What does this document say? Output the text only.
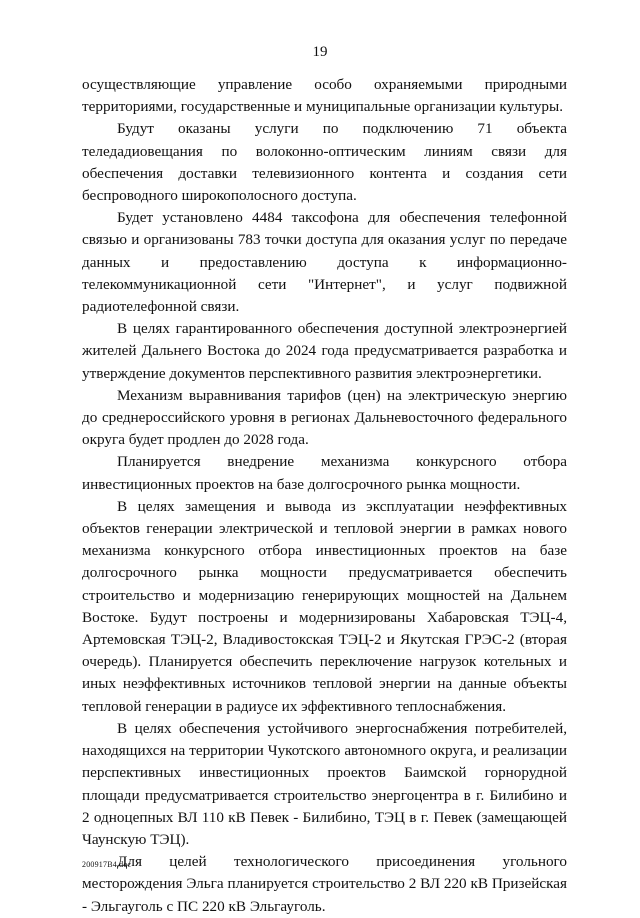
19

осуществляющие управление особо охраняемыми природными территориями, государственные и муниципальные организации культуры.

Будут оказаны услуги по подключению 71 объекта теледадиовещания по волоконно-оптическим линиям связи для обеспечения доставки телевизионного контента и создания сети беспроводного широкополосного доступа.

Будет установлено 4484 таксофона для обеспечения телефонной связью и организованы 783 точки доступа для оказания услуг по передаче данных и предоставлению доступа к информационно-телекоммуникационной сети "Интернет", и услуг подвижной радиотелефонной связи.

В целях гарантированного обеспечения доступной электроэнергией жителей Дальнего Востока до 2024 года предусматривается разработка и утверждение документов перспективного развития электроэнергетики.

Механизм выравнивания тарифов (цен) на электрическую энергию до среднероссийского уровня в регионах Дальневосточного федерального округа будет продлен до 2028 года.

Планируется внедрение механизма конкурсного отбора инвестиционных проектов на базе долгосрочного рынка мощности.

В целях замещения и вывода из эксплуатации неэффективных объектов генерации электрической и тепловой энергии в рамках нового механизма конкурсного отбора инвестиционных проектов на базе долгосрочного рынка мощности предусматривается обеспечить строительство и модернизацию генерирующих мощностей на Дальнем Востоке. Будут построены и модернизированы Хабаровская ТЭЦ-4, Артемовская ТЭЦ-2, Владивостокская ТЭЦ-2 и Якутская ГРЭС-2 (вторая очередь). Планируется обеспечить переключение нагрузок котельных и иных неэффективных источников тепловой энергии на данные объекты тепловой генерации в радиусе их эффективного теплоснабжения.

В целях обеспечения устойчивого энергоснабжения потребителей, находящихся на территории Чукотского автономного округа, и реализации перспективных инвестиционных проектов Баимской горнорудной площади предусматривается строительство энергоцентра в г. Билибино и 2 одноцепных ВЛ 110 кВ Певек - Билибино, ТЭЦ в г. Певек (замещающей Чаунскую ТЭЦ).

Для целей технологического присоединения угольного месторождения Эльга планируется строительство 2 ВЛ 220 кВ Призейская - Эльгауголь с ПС 220 кВ Эльгауголь.

200917B4.doc
